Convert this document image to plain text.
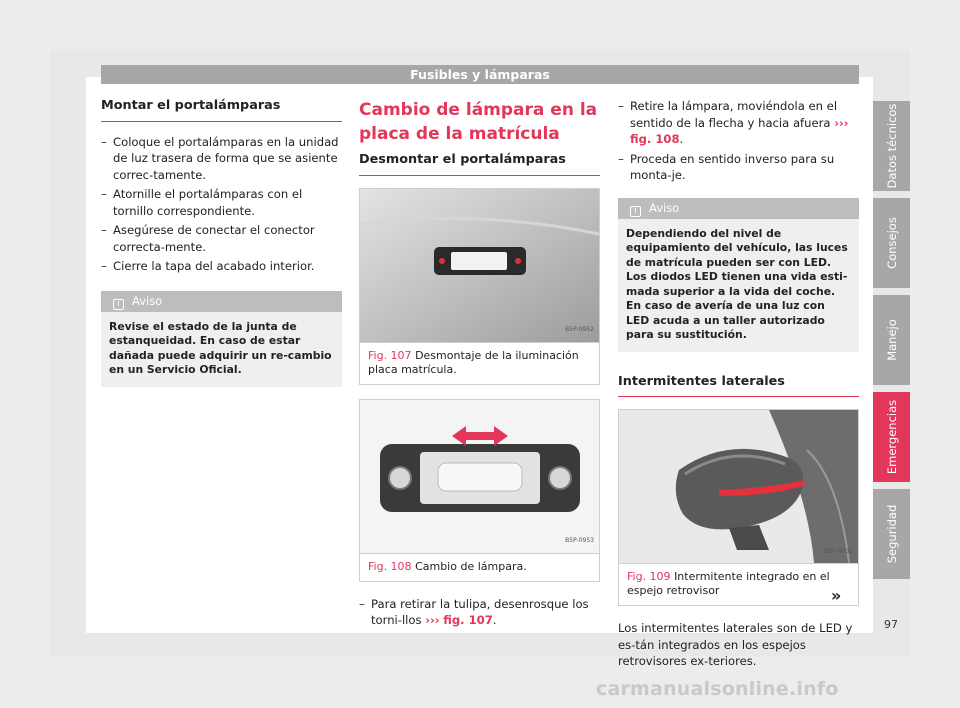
Fusibles y lámparas
Montar el portalámparas
– Coloque el portalámparas en la unidad de luz trasera de forma que se asiente correc-tamente.
– Atornille el portalámparas con el tornillo correspondiente.
– Asegúrese de conectar el conector correcta-mente.
– Cierre la tapa del acabado interior.
i Aviso
Revise el estado de la junta de estanqueidad. En caso de estar dañada puede adquirir un re-cambio en un Servicio Oficial.
Cambio de lámpara en la placa de la matrícula
Desmontar el portalámparas
B5P-0952
Fig. 107 Desmontaje de la iluminación placa matrícula.
B5P-0953
Fig. 108 Cambio de lámpara.
– Para retirar la tulipa, desenrosque los torni-llos ››› fig. 107.
– Retire la lámpara, moviéndola en el sentido de la flecha y hacia afuera ››› fig. 108.
– Proceda en sentido inverso para su monta-je.
i Aviso
Dependiendo del nivel de equipamiento del vehículo, las luces de matrícula pueden ser con LED. Los diodos LED tienen una vida esti-mada superior a la vida del coche. En caso de avería de una luz con LED acuda a un taller autorizado para su sustitución.
Intermitentes laterales
B6F-0035
Fig. 109 Intermitente integrado en el espejo retrovisor

Los intermitentes laterales son de LED y es-tán integrados en los espejos retrovisores ex-teriores.

»
Datos técnicos
Consejos
Manejo
Emergencias
Seguridad
97
carmanualsonline.info
